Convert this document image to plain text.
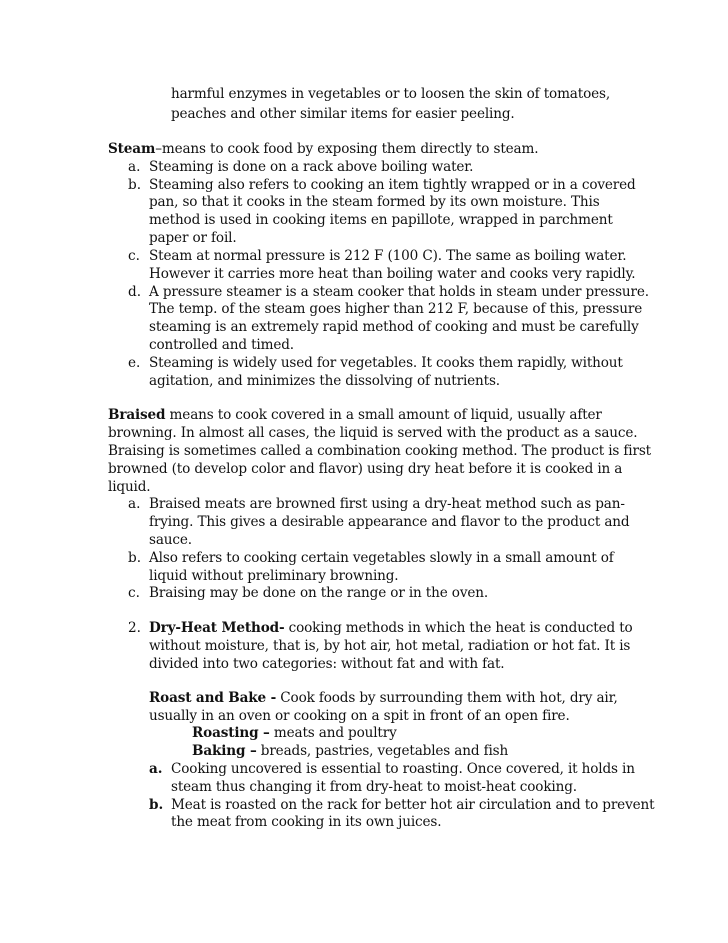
harmful enzymes in vegetables or to loosen the skin of tomatoes,
peaches and other similar items for easier peeling.
Steam–means to cook food by exposing them directly to steam.
a. Steaming is done on a rack above boiling water.
b. Steaming also refers to cooking an item tightly wrapped or in a covered
pan, so that it cooks in the steam formed by its own moisture. This
method is used in cooking items en papillote, wrapped in parchment
paper or foil.
c. Steam at normal pressure is 212 F (100 C). The same as boiling water.
However it carries more heat than boiling water and cooks very rapidly.
d. A pressure steamer is a steam cooker that holds in steam under pressure.
The temp. of the steam goes higher than 212 F, because of this, pressure
steaming is an extremely rapid method of cooking and must be carefully
controlled and timed.
e. Steaming is widely used for vegetables. It cooks them rapidly, without
agitation, and minimizes the dissolving of nutrients.
Braised means to cook covered in a small amount of liquid, usually after
browning. In almost all cases, the liquid is served with the product as a sauce.
Braising is sometimes called a combination cooking method. The product is first
browned (to develop color and flavor) using dry heat before it is cooked in a
liquid.
a. Braised meats are browned first using a dry-heat method such as pan-
frying. This gives a desirable appearance and flavor to the product and
sauce.
b. Also refers to cooking certain vegetables slowly in a small amount of
liquid without preliminary browning.
c. Braising may be done on the range or in the oven.
2. Dry-Heat Method- cooking methods in which the heat is conducted to
without moisture, that is, by hot air, hot metal, radiation or hot fat. It is
divided into two categories: without fat and with fat.
Roast and Bake - Cook foods by surrounding them with hot, dry air,
usually in an oven or cooking on a spit in front of an open fire.
Roasting – meats and poultry
Baking – breads, pastries, vegetables and fish
a. Cooking uncovered is essential to roasting. Once covered, it holds in
steam thus changing it from dry-heat to moist-heat cooking.
b. Meat is roasted on the rack for better hot air circulation and to prevent
the meat from cooking in its own juices.
